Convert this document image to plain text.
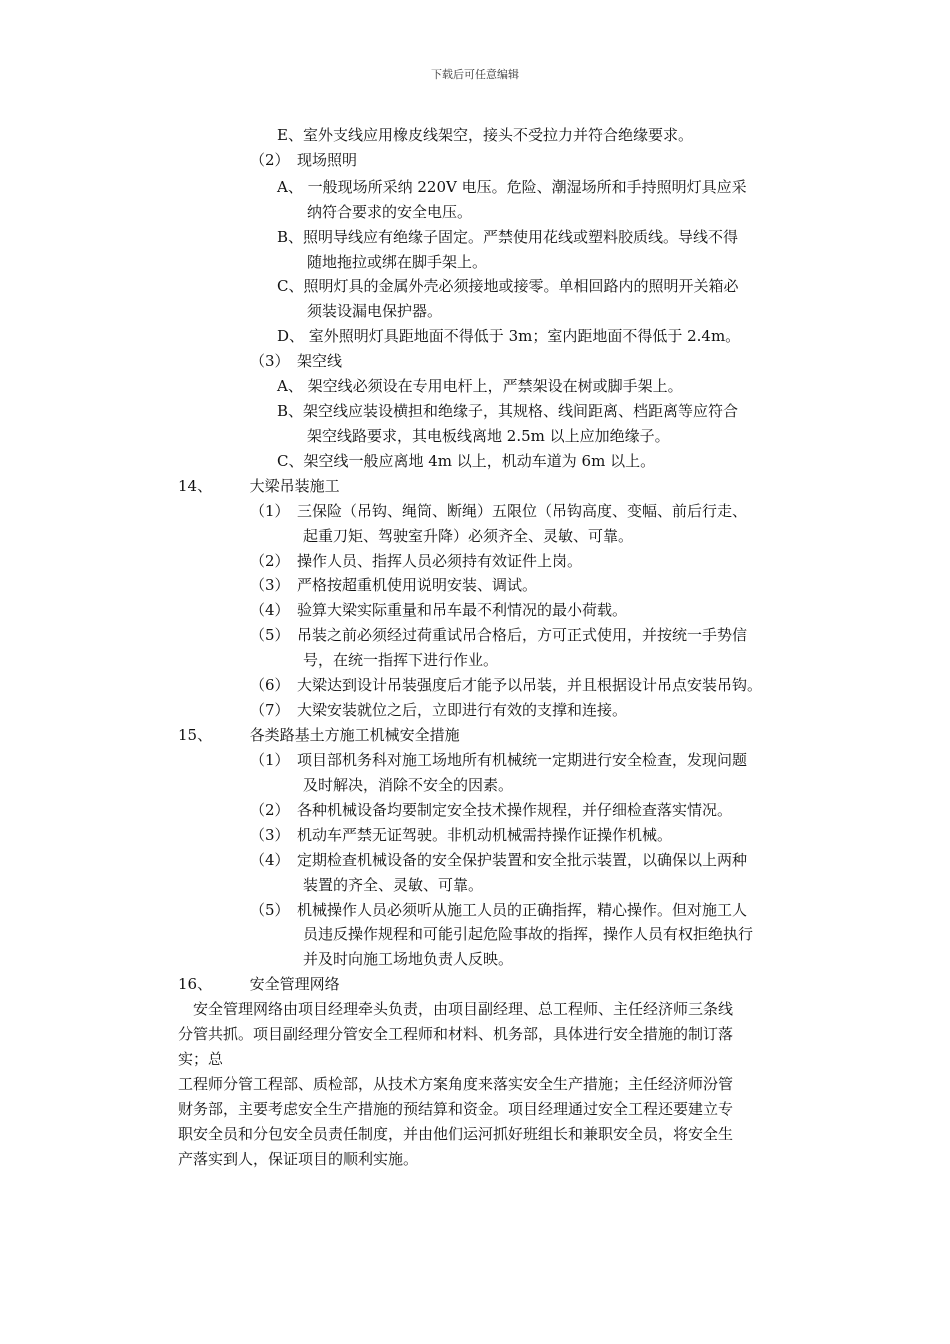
下载后可任意编辑
E、室外支线应用橡皮线架空，接头不受拉力并符合绝缘要求。
（2）　现场照明
A、 一般现场所采纳 220V 电压。危险、潮湿场所和手持照明灯具应采
纳符合要求的安全电压。
B、照明导线应有绝缘子固定。严禁使用花线或塑料胶质线。导线不得
随地拖拉或绑在脚手架上。
C、照明灯具的金属外壳必须接地或接零。单相回路内的照明开关箱必
须装设漏电保护器。
D、 室外照明灯具距地面不得低于 3m；室内距地面不得低于 2.4m。
（3）　架空线
A、 架空线必须设在专用电杆上，严禁架设在树或脚手架上。
B、架空线应装设横担和绝缘子，其规格、线间距离、档距离等应符合
架空线路要求，其电板线离地 2.5m 以上应加绝缘子。
C、架空线一般应离地 4m 以上，机动车道为 6m 以上。
14、　　　大梁吊装施工
（1）　三保险（吊钩、绳筒、断绳）五限位（吊钩高度、变幅、前后行走、
起重刀矩、驾驶室升降）必须齐全、灵敏、可靠。
（2）　操作人员、指挥人员必须持有效证件上岗。
（3）　严格按超重机使用说明安装、调试。
（4）　验算大梁实际重量和吊车最不利情况的最小荷载。
（5）　吊装之前必须经过荷重试吊合格后，方可正式使用，并按统一手势信
号，在统一指挥下进行作业。
（6）　大梁达到设计吊装强度后才能予以吊装，并且根据设计吊点安装吊钩。
（7）　大梁安装就位之后，立即进行有效的支撑和连接。
15、　　　各类路基土方施工机械安全措施
（1）　项目部机务科对施工场地所有机械统一定期进行安全检查，发现问题
及时解决，消除不安全的因素。
（2）　各种机械设备均要制定安全技术操作规程，并仔细检查落实情况。
（3）　机动车严禁无证驾驶。非机动机械需持操作证操作机械。
（4）　定期检查机械设备的安全保护装置和安全批示装置，以确保以上两种
装置的齐全、灵敏、可靠。
（5）　机械操作人员必须听从施工人员的正确指挥，精心操作。但对施工人
员违反操作规程和可能引起危险事故的指挥，操作人员有权拒绝执行
并及时向施工场地负责人反映。
16、　　　安全管理网络
　安全管理网络由项目经理牵头负责，由项目副经理、总工程师、主任经济师三条线
分管共抓。项目副经理分管安全工程师和材料、机务部，具体进行安全措施的制订落
实；总
工程师分管工程部、质检部，从技术方案角度来落实安全生产措施；主任经济师汾管
财务部，主要考虑安全生产措施的预结算和资金。项目经理通过安全工程还要建立专
职安全员和分包安全员责任制度，并由他们运河抓好班组长和兼职安全员，将安全生
产落实到人，保证项目的顺利实施。
